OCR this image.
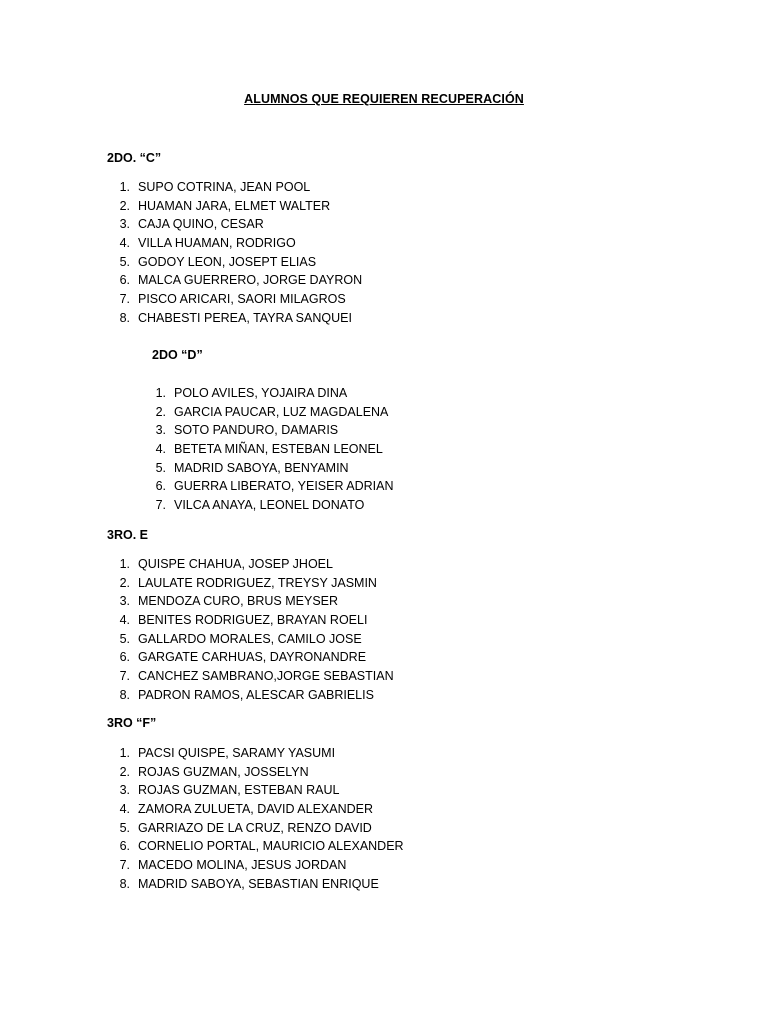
ALUMNOS QUE REQUIEREN RECUPERACIÓN
2DO. “C”
1. SUPO COTRINA, JEAN POOL
2. HUAMAN JARA, ELMET WALTER
3. CAJA QUINO, CESAR
4. VILLA HUAMAN, RODRIGO
5. GODOY LEON, JOSEPT ELIAS
6. MALCA GUERRERO, JORGE DAYRON
7. PISCO ARICARI, SAORI MILAGROS
8. CHABESTI PEREA, TAYRA SANQUEI
2DO “D”
1. POLO AVILES, YOJAIRA DINA
2. GARCIA PAUCAR, LUZ MAGDALENA
3. SOTO PANDURO, DAMARIS
4. BETETA MIÑAN, ESTEBAN LEONEL
5. MADRID SABOYA, BENYAMIN
6. GUERRA LIBERATO, YEISER ADRIAN
7. VILCA ANAYA, LEONEL DONATO
3RO. E
1. QUISPE CHAHUA, JOSEP JHOEL
2. LAULATE RODRIGUEZ, TREYSY JASMIN
3. MENDOZA CURO, BRUS MEYSER
4. BENITES RODRIGUEZ, BRAYAN ROELI
5. GALLARDO MORALES, CAMILO JOSE
6. GARGATE CARHUAS, DAYRONANDRE
7. CANCHEZ SAMBRANO,JORGE SEBASTIAN
8. PADRON RAMOS, ALESCAR GABRIELIS
3RO “F”
1. PACSI QUISPE, SARAMY YASUMI
2. ROJAS GUZMAN, JOSSELYN
3. ROJAS GUZMAN, ESTEBAN RAUL
4. ZAMORA ZULUETA, DAVID ALEXANDER
5. GARRIAZO DE LA CRUZ, RENZO DAVID
6. CORNELIO PORTAL, MAURICIO ALEXANDER
7. MACEDO MOLINA, JESUS JORDAN
8. MADRID SABOYA, SEBASTIAN ENRIQUE
